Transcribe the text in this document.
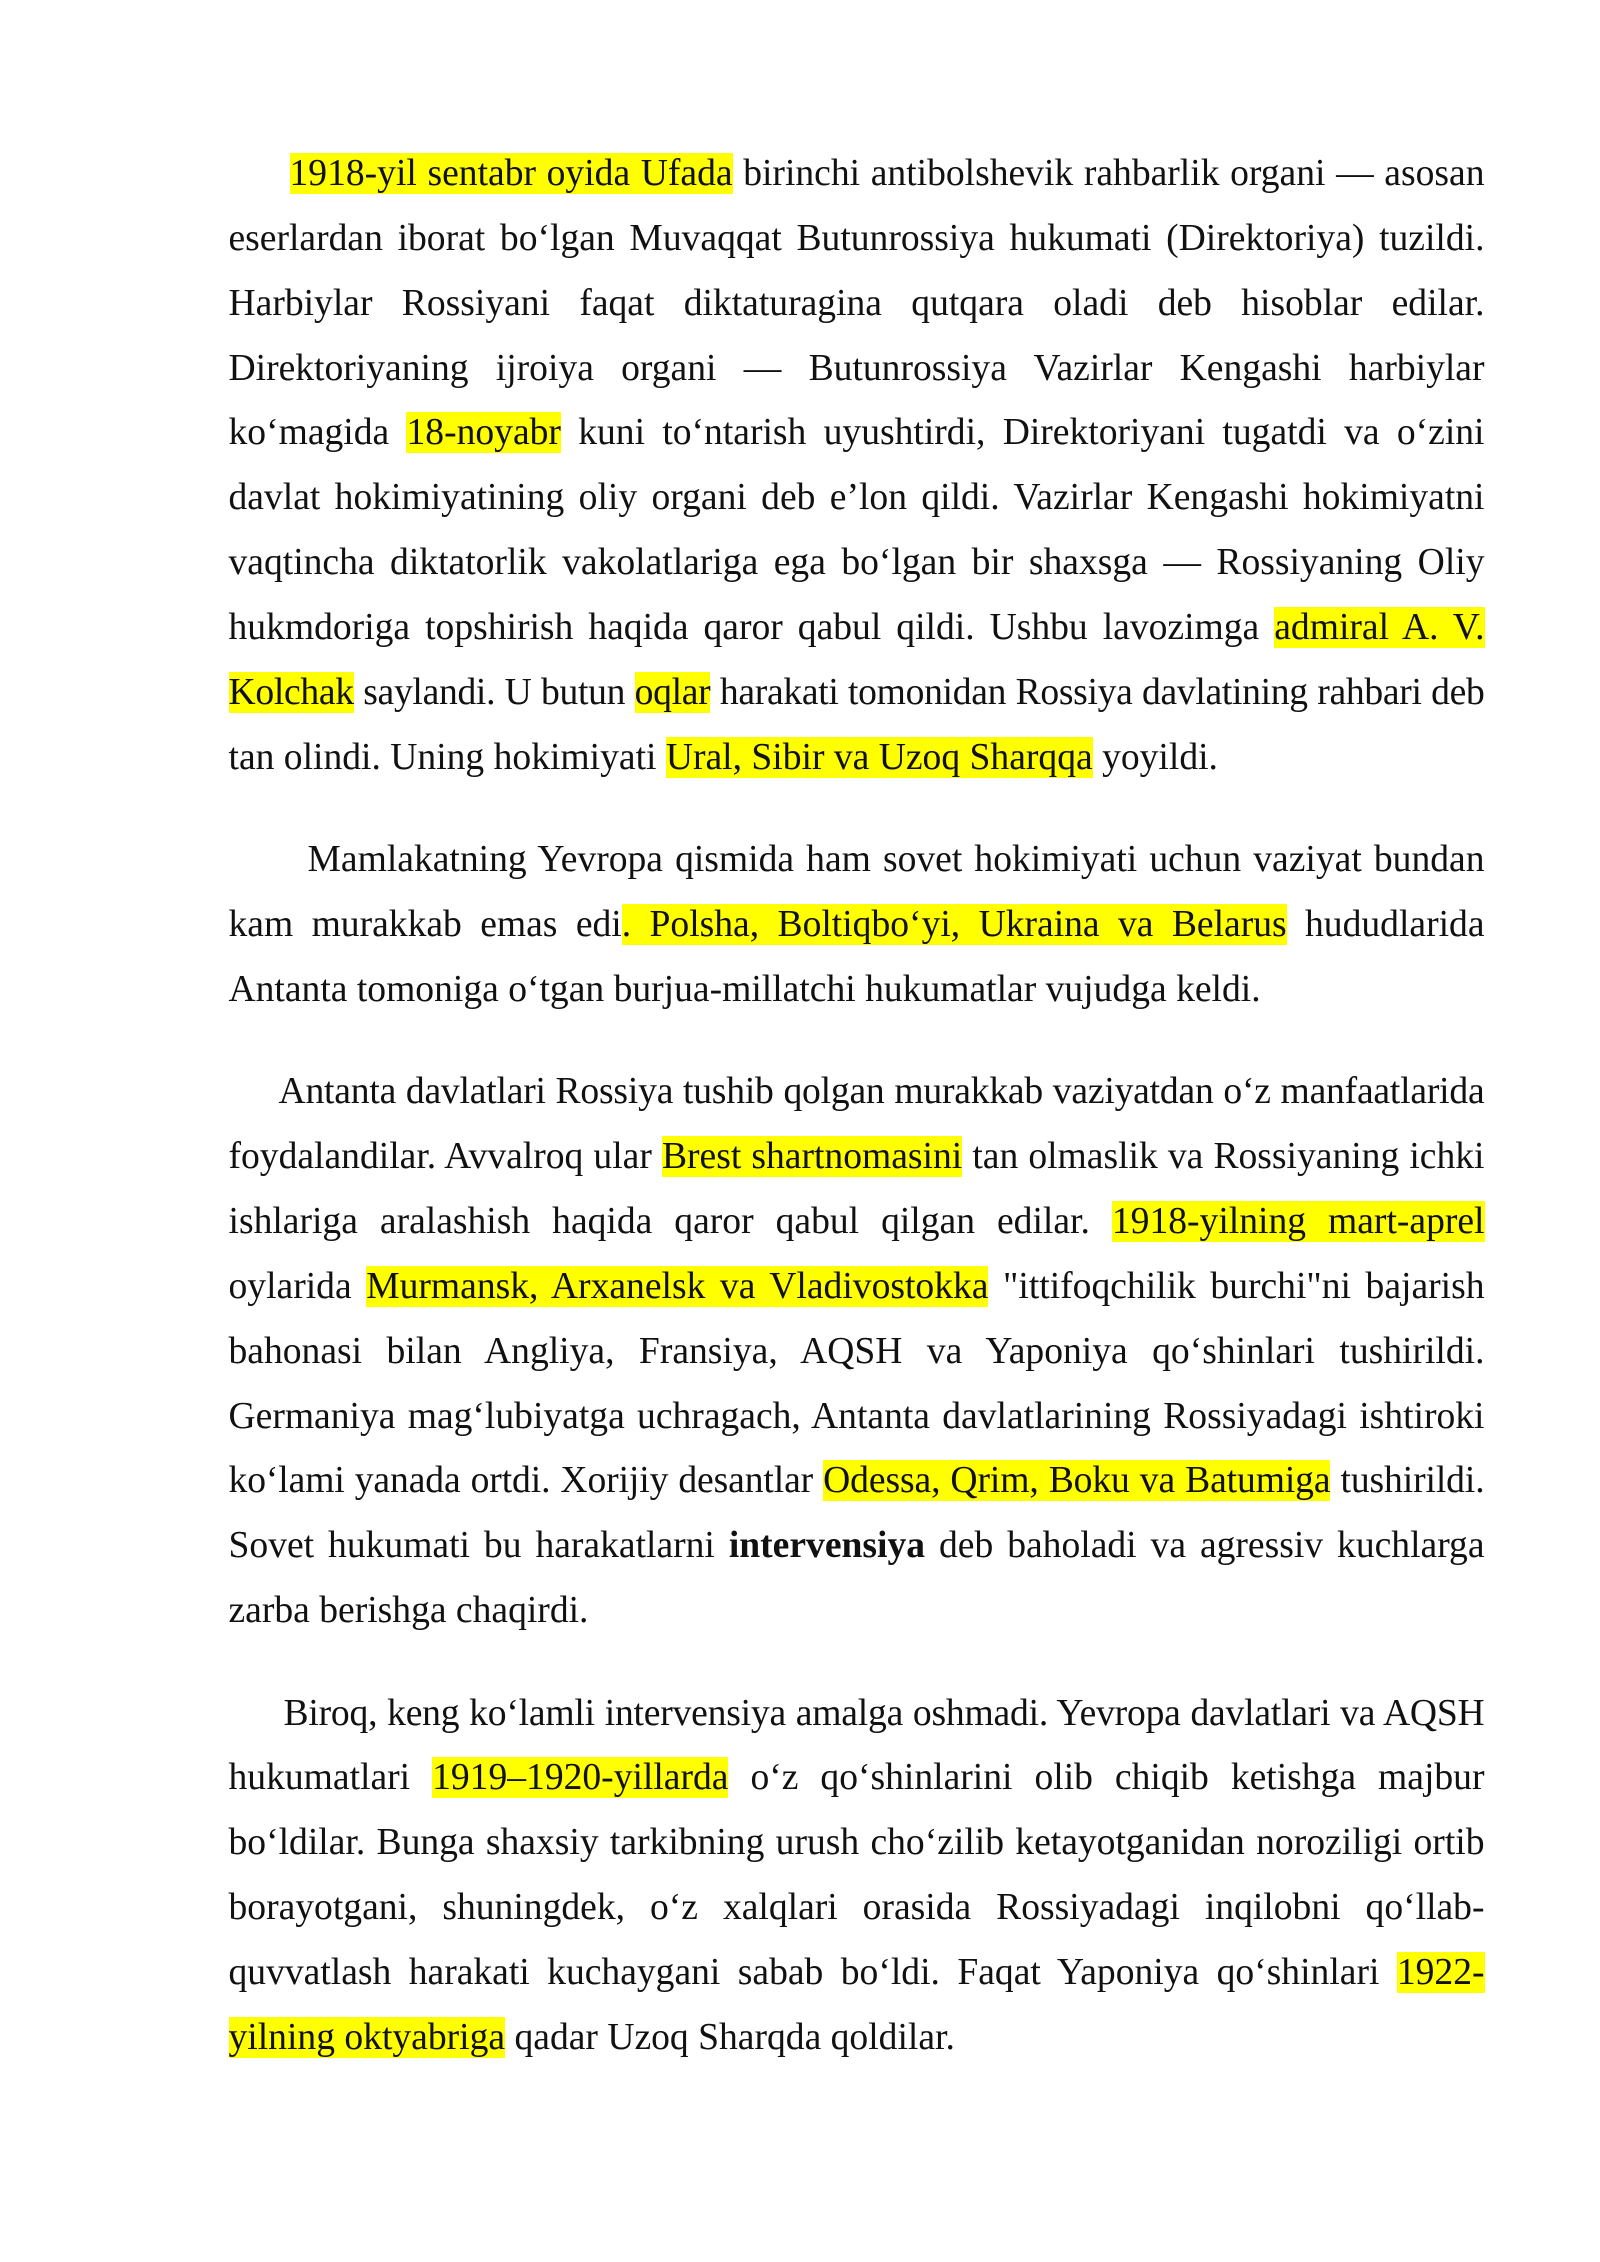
1918-yil sentabr oyida Ufada birinchi antibolshevik rahbarlik organi — asosan
eserlardan iborat bo‘lgan Muvaqqat Butunrossiya hukumati (Direktoriya) tuzildi.
Harbiylar Rossiyani faqat diktaturagina qutqara oladi deb hisoblar edilar.
Direktoriyaning ijroiya organi — Butunrossiya Vazirlar Kengashi harbiylar
ko‘magida 18-noyabr kuni to‘ntarish uyushtirdi, Direktoriyani tugatdi va o‘zini
davlat hokimiyatining oliy organi deb e’lon qildi. Vazirlar Kengashi hokimiyatni
vaqtincha diktatorlik vakolatlariga ega bo‘lgan bir shaxsga — Rossiyaning Oliy
hukmdoriga topshirish haqida qaror qabul qildi. Ushbu lavozimga admiral A. V.
Kolchak saylandi. U butun oqlar harakati tomonidan Rossiya davlatining rahbari deb
tan olindi. Uning hokimiyati Ural, Sibir va Uzoq Sharqqa yoyildi.
Mamlakatning Yevropa qismida ham sovet hokimiyati uchun vaziyat bundan
kam murakkab emas edi. Polsha, Boltiqbo‘yi, Ukraina va Belarus hududlarida
Antanta tomoniga o‘tgan burjua-millatchi hukumatlar vujudga keldi.
Antanta davlatlari Rossiya tushib qolgan murakkab vaziyatdan o‘z manfaatlarida
foydalandilar. Avvalroq ular Brest shartnomasini tan olmaslik va Rossiyaning ichki
ishlariga aralashish haqida qaror qabul qilgan edilar. 1918-yilning mart-aprel
oylarida Murmansk, Arxanelsk va Vladivostokka "ittifoqchilik burchi"ni bajarish
bahonasi bilan Angliya, Fransiya, AQSH va Yaponiya qo‘shinlari tushirildi.
Germaniya mag‘lubiyatga uchragach, Antanta davlatlarining Rossiyadagi ishtiroki
ko‘lami yanada ortdi. Xorijiy desantlar Odessa, Qrim, Boku va Batumiga tushirildi.
Sovet hukumati bu harakatlarni intervensiya deb baholadi va agressiv kuchlarga
zarba berishga chaqirdi.
Biroq, keng ko‘lamli intervensiya amalga oshmadi. Yevropa davlatlari va AQSH
hukumatlari 1919–1920-yillarda o‘z qo‘shinlarini olib chiqib ketishga majbur
bo‘ldilar. Bunga shaxsiy tarkibning urush cho‘zilib ketayotganidan noroziligi ortib
borayotgani, shuningdek, o‘z xalqlari orasida Rossiyadagi inqilobni qo‘llab-
quvvatlash harakati kuchaygani sabab bo‘ldi. Faqat Yaponiya qo‘shinlari 1922-
yilning oktyabriga qadar Uzoq Sharqda qoldilar.
